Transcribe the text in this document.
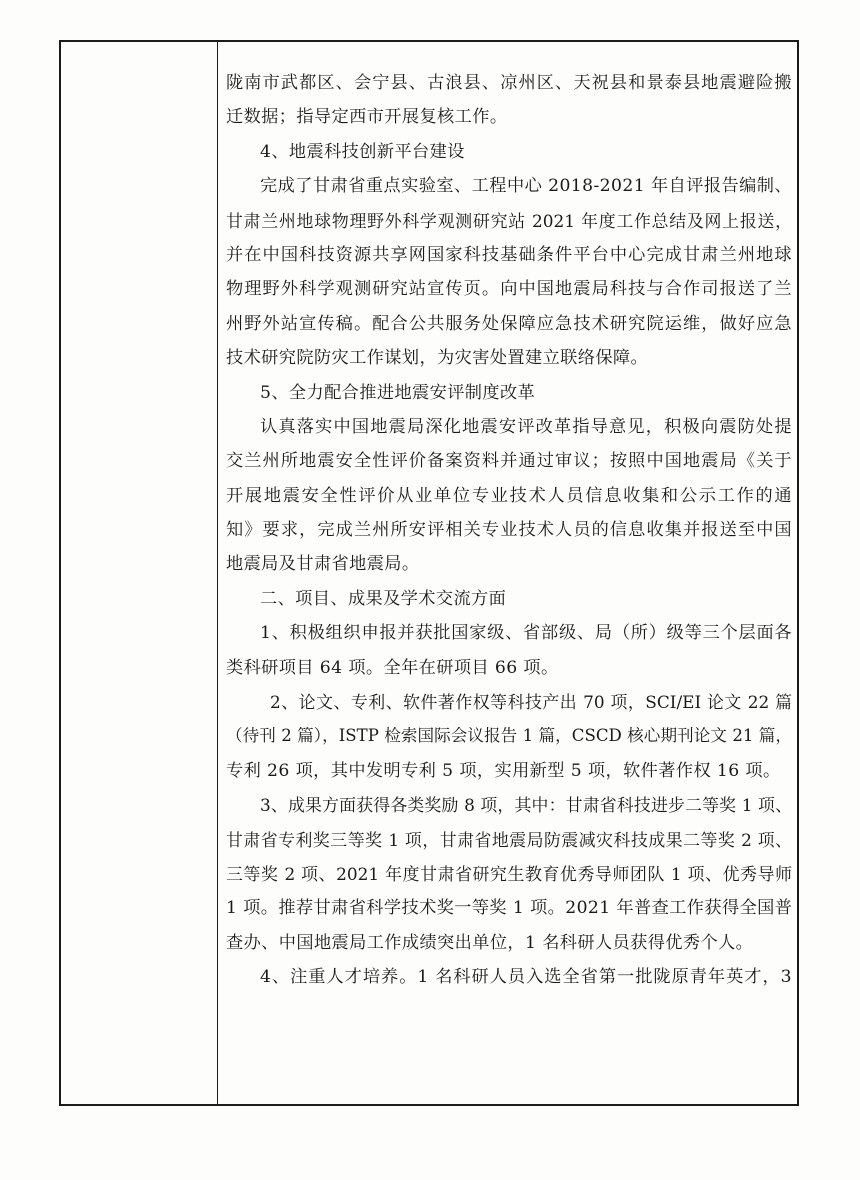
陇南市武都区、会宁县、古浪县、凉州区、天祝县和景泰县地震避险搬
迁数据；指导定西市开展复核工作。
4、地震科技创新平台建设
完成了甘肃省重点实验室、工程中心 2018-2021 年自评报告编制、
甘肃兰州地球物理野外科学观测研究站 2021 年度工作总结及网上报送，
并在中国科技资源共享网国家科技基础条件平台中心完成甘肃兰州地球
物理野外科学观测研究站宣传页。向中国地震局科技与合作司报送了兰
州野外站宣传稿。配合公共服务处保障应急技术研究院运维，做好应急
技术研究院防灾工作谋划，为灾害处置建立联络保障。
5、全力配合推进地震安评制度改革
认真落实中国地震局深化地震安评改革指导意见，积极向震防处提
交兰州所地震安全性评价备案资料并通过审议；按照中国地震局《关于
开展地震安全性评价从业单位专业技术人员信息收集和公示工作的通
知》要求，完成兰州所安评相关专业技术人员的信息收集并报送至中国
地震局及甘肃省地震局。
二、项目、成果及学术交流方面
1、积极组织申报并获批国家级、省部级、局（所）级等三个层面各
类科研项目 64 项。全年在研项目 66 项。
2、论文、专利、软件著作权等科技产出 70 项，SCI/EI 论文 22 篇
（待刊 2 篇），ISTP 检索国际会议报告 1 篇，CSCD 核心期刊论文 21 篇，
专利 26 项，其中发明专利 5 项，实用新型 5 项，软件著作权 16 项。
3、成果方面获得各类奖励 8 项，其中：甘肃省科技进步二等奖 1 项、
甘肃省专利奖三等奖 1 项，甘肃省地震局防震减灾科技成果二等奖 2 项、
三等奖 2 项、2021 年度甘肃省研究生教育优秀导师团队 1 项、优秀导师
1 项。推荐甘肃省科学技术奖一等奖 1 项。2021 年普查工作获得全国普
查办、中国地震局工作成绩突出单位，1 名科研人员获得优秀个人。
4、注重人才培养。1 名科研人员入选全省第一批陇原青年英才，3
